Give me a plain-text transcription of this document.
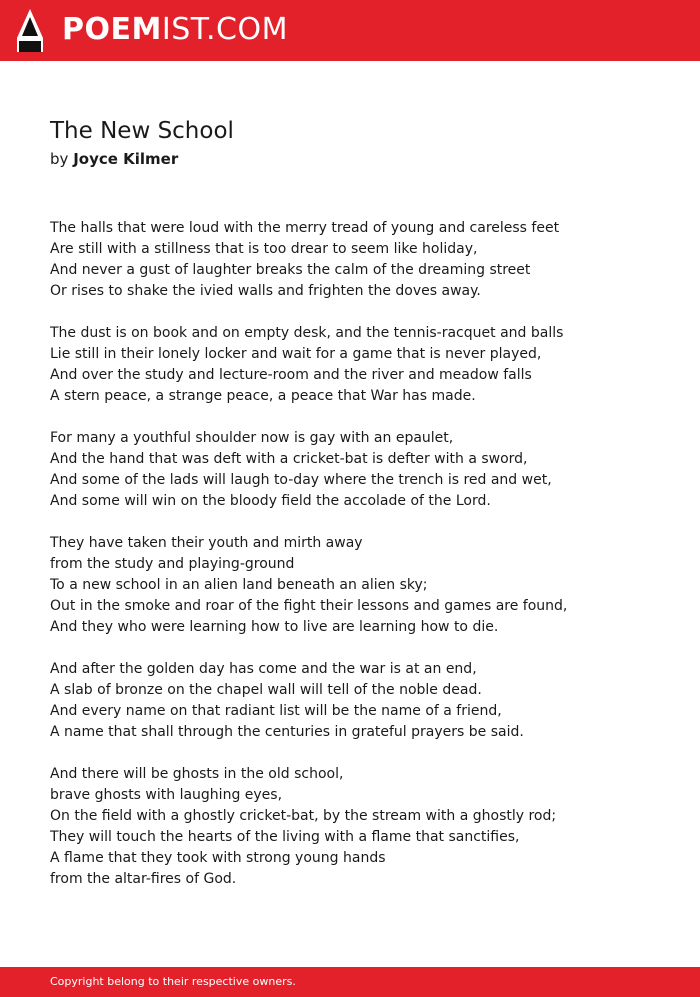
POEMIST.COM
The New School
by Joyce Kilmer
The halls that were loud with the merry tread of young and careless feet
Are still with a stillness that is too drear to seem like holiday,
And never a gust of laughter breaks the calm of the dreaming street
Or rises to shake the ivied walls and frighten the doves away.
The dust is on book and on empty desk, and the tennis-racquet and balls
Lie still in their lonely locker and wait for a game that is never played,
And over the study and lecture-room and the river and meadow falls
A stern peace, a strange peace, a peace that War has made.
For many a youthful shoulder now is gay with an epaulet,
And the hand that was deft with a cricket-bat is defter with a sword,
And some of the lads will laugh to-day where the trench is red and wet,
And some will win on the bloody field the accolade of the Lord.
They have taken their youth and mirth away
from the study and playing-ground
To a new school in an alien land beneath an alien sky;
Out in the smoke and roar of the fight their lessons and games are found,
And they who were learning how to live are learning how to die.
And after the golden day has come and the war is at an end,
A slab of bronze on the chapel wall will tell of the noble dead.
And every name on that radiant list will be the name of a friend,
A name that shall through the centuries in grateful prayers be said.
And there will be ghosts in the old school,
brave ghosts with laughing eyes,
On the field with a ghostly cricket-bat, by the stream with a ghostly rod;
They will touch the hearts of the living with a flame that sanctifies,
A flame that they took with strong young hands
from the altar-fires of God.
Copyright belong to their respective owners.
